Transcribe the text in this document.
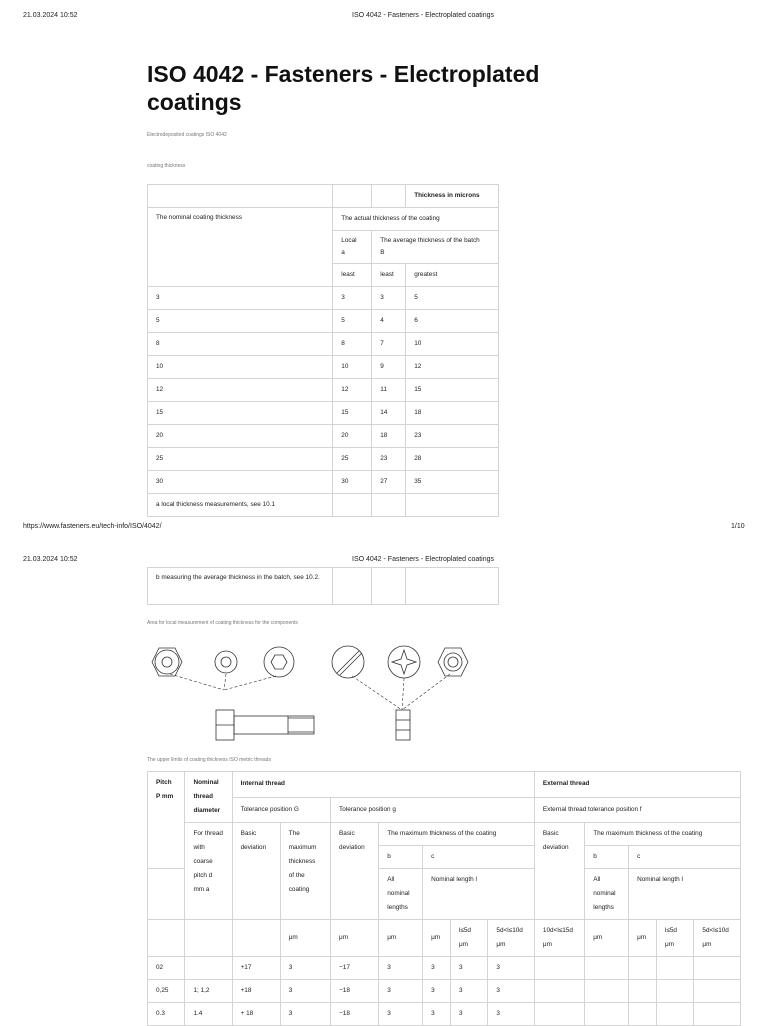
21.03.2024 10:52	ISO 4042 - Fasteners - Electroplated coatings
ISO 4042 - Fasteners - Electroplated coatings
Electrodeposited coatings ISO 4042
coating thickness
			Thickness in microns
The nominal coating thickness	The actual thickness of the coating		
	Local
a	The average thickness of the batch
B	
	least	least	greatest
3	3	3	5
5	5	4	6
8	8	7	10
10	10	9	12
12	12	11	15
15	15	14	18
20	20	18	23
25	25	23	28
30	30	27	35
a local thickness measurements, see 10.1			
https://www.fasteners.eu/tech-info/ISO/4042/	1/10
21.03.2024 10:52	ISO 4042 - Fasteners - Electroplated coatings
b measuring the average thickness in the batch, see 10.2.			
Area for local measurement of coating thickness for the components
The upper limits of coating thickness ISO metric threads
Pitch P mm	Nominal thread diameter	Internal thread							External thread				
		Tolerance position G		Tolerance position g					External thread tolerance position f				
	For thread with coarse pitch d mm a	Basic deviation	The maximum thickness of the coating	Basic deviation	The maximum thickness of the coating				Basic deviation	The maximum thickness of the coating			
					b	c				b	c		
					All nominal lengths	Nominal length l				All nominal lengths	Nominal length l		
			μm	μm	μm	μm	l≤5d μm	5d<l≤10d μm	10d<l≤15d μm	μm	μm	l≤5d μm	5d<l≤10d μm
02		+17	3	−17	3	3	3	3					
0,25	1; 1,2	+18	3	−18	3	3	3	3					
0.3	1.4	+ 18	3	−18	3	3	3	3					
